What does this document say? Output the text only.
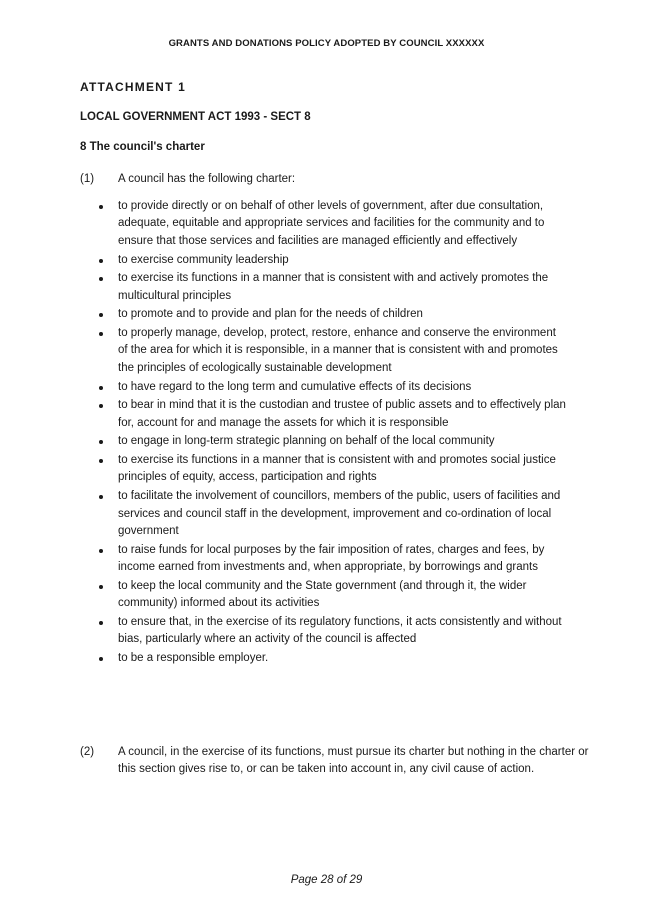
GRANTS AND DONATIONS POLICY ADOPTED BY COUNCIL XXXXXX
ATTACHMENT 1
LOCAL GOVERNMENT ACT 1993 - SECT 8
8 The council's charter
(1) A council has the following charter:
to provide directly or on behalf of other levels of government, after due consultation, adequate, equitable and appropriate services and facilities for the community and to ensure that those services and facilities are managed efficiently and effectively
to exercise community leadership
to exercise its functions in a manner that is consistent with and actively promotes the multicultural principles
to promote and to provide and plan for the needs of children
to properly manage, develop, protect, restore, enhance and conserve the environment of the area for which it is responsible, in a manner that is consistent with and promotes the principles of ecologically sustainable development
to have regard to the long term and cumulative effects of its decisions
to bear in mind that it is the custodian and trustee of public assets and to effectively plan for, account for and manage the assets for which it is responsible
to engage in long-term strategic planning on behalf of the local community
to exercise its functions in a manner that is consistent with and promotes social justice principles of equity, access, participation and rights
to facilitate the involvement of councillors, members of the public, users of facilities and services and council staff in the development, improvement and co-ordination of local government
to raise funds for local purposes by the fair imposition of rates, charges and fees, by income earned from investments and, when appropriate, by borrowings and grants
to keep the local community and the State government (and through it, the wider community) informed about its activities
to ensure that, in the exercise of its regulatory functions, it acts consistently and without bias, particularly where an activity of the council is affected
to be a responsible employer.
(2) A council, in the exercise of its functions, must pursue its charter but nothing in the charter or this section gives rise to, or can be taken into account in, any civil cause of action.
Page 28 of 29
